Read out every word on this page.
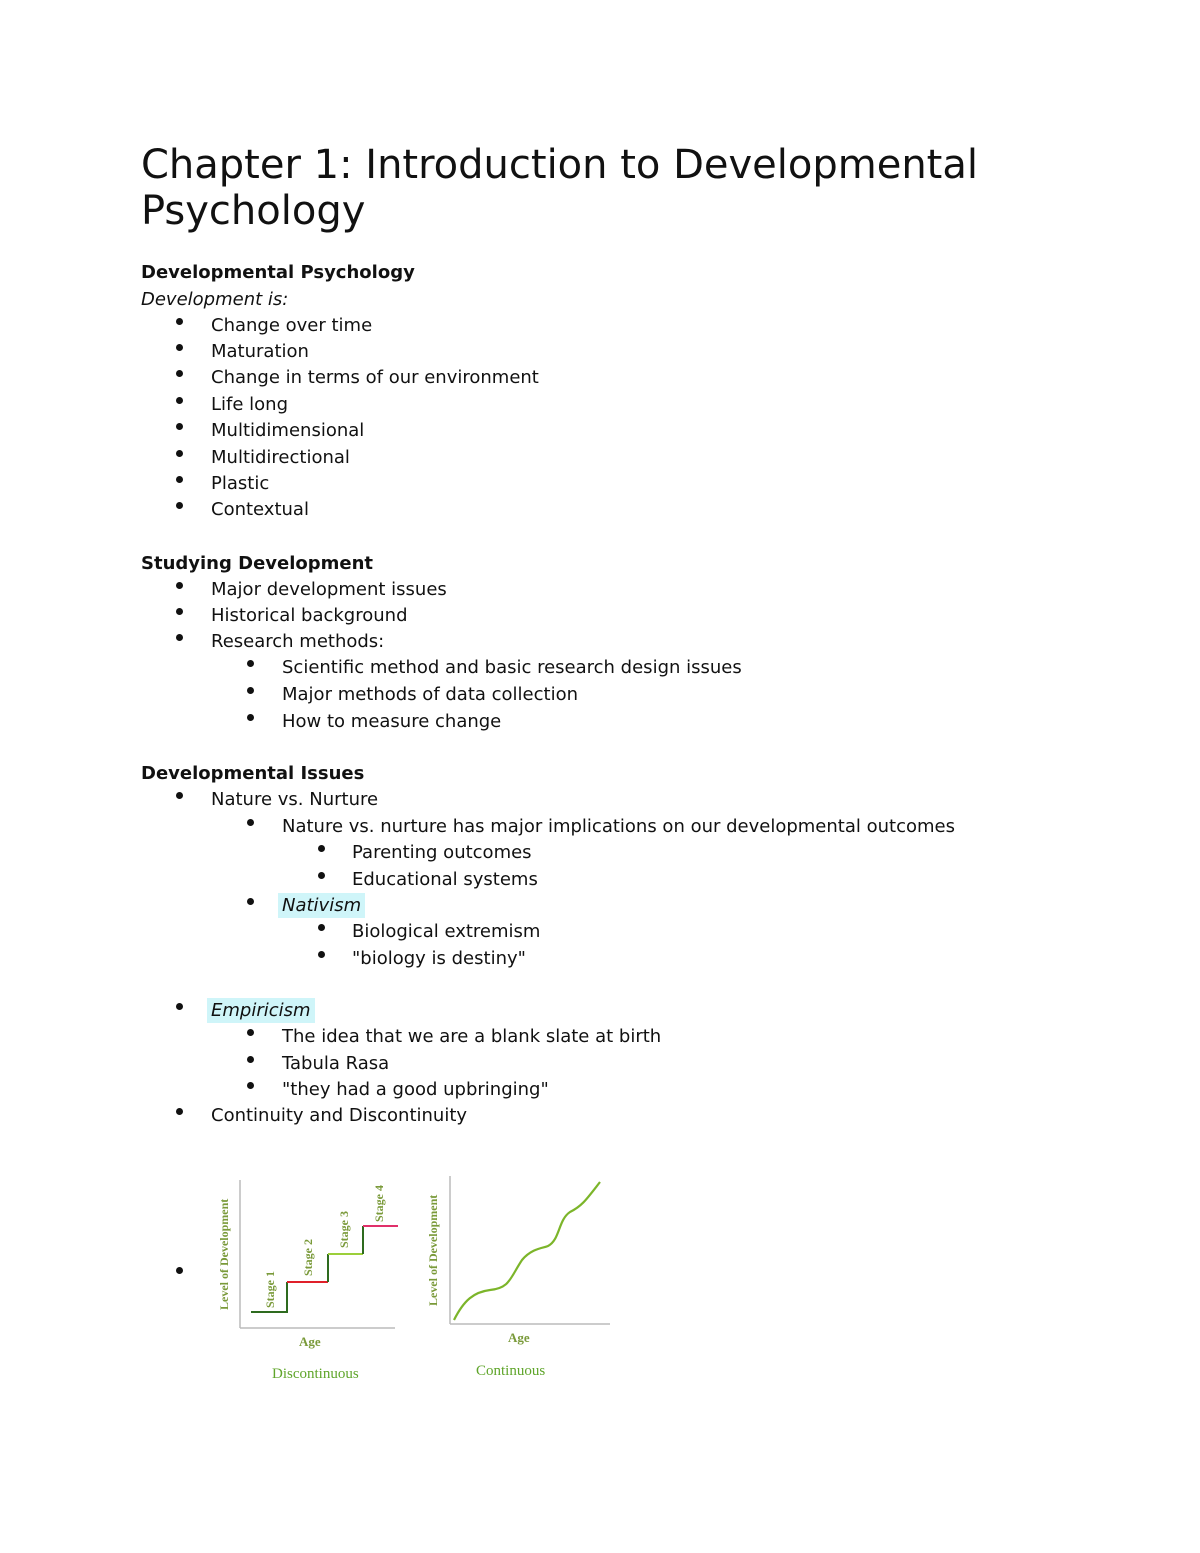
Chapter 1: Introduction to Developmental
Psychology
Developmental Psychology
Development is:
Change over time
Maturation
Change in terms of our environment
Life long
Multidimensional
Multidirectional
Plastic
Contextual
Studying Development
Major development issues
Historical background
Research methods:
Scientific method and basic research design issues
Major methods of data collection
How to measure change
Developmental Issues
Nature vs. Nurture
Nature vs. nurture has major implications on our developmental outcomes
Parenting outcomes
Educational systems
Nativism
Biological extremism
"biology is destiny"
Empiricism
The idea that we are a blank slate at birth
Tabula Rasa
"they had a good upbringing"
Continuity and Discontinuity
Level of Development
Age
Discontinuous
Stage 1
Stage 2
Stage 3
Stage 4	Level of Development
Age
Continuous
